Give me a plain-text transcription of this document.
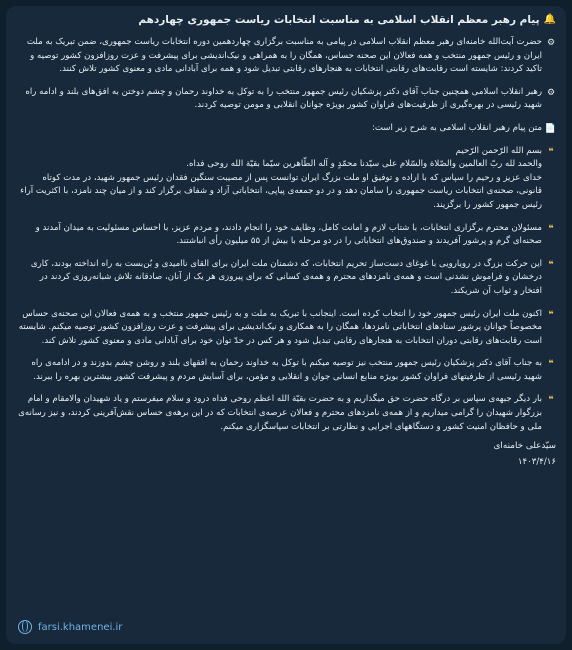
🔔
پیام رهبر معظم انقلاب اسلامی به مناسبت انتخابات ریاست جمهوری چهاردهم
⚙
حضرت آیت‌الله خامنه‌ای رهبر معظم انقلاب اسلامی در پیامی به مناسبت برگزاری چهاردهمین دوره انتخابات ریاست جمهوری، ضمن تبریک به ملت ایران و رئیس جمهور منتخب و همه فعالان این صحنه حساس، همگان را به همراهی و نیک‌اندیشی برای پیشرفت و عزت روزافزون کشور توصیه و تاکید کردند: شایسته است رقابت‌های رقابتی انتخابات به هنجارهای رقابتی تبدیل شود و همه برای آبادانی مادی و معنوی کشور تلاش کنند.
⚙
رهبر انقلاب اسلامی همچنین جناب آقای دکتر پزشکیان رئیس جمهور منتخب را به توکل به خداوند رحمان و چشم دوختن به افق‌های بلند و ادامه راه شهید رئیسی در بهره‌گیری از ظرفیت‌های فراوان کشور بویژه جوانان انقلابی و مومن توصیه کردند.
📄
متن پیام رهبر انقلاب اسلامی به شرح زیر است:
❝
بسم الله الرّحمن الرّحیم
والحمد لله ربّ العالمین والصّلاة والسّلام علی سیّدنا محمّدٍ و آله الطّاهرین سیّما بقیّة الله روحی فداه.
خدای عزیز و رحیم را سپاس که با اراده و توفیق او ملت بزرگ ایران توانست پس از مصیبت سنگین فقدان رئیس جمهور شهید، در مدت کوتاه قانونی، صحنه‌ی انتخابات ریاست جمهوری را سامان دهد و در دو جمعه‌ی پیاپی، انتخاباتی آزاد و شفاف برگزار کند و از میان چند نامزد، با اکثریت آراء رئیس جمهور کشور را برگزیند.
❝
مسئولان محترم برگزاری انتخابات، با شتاب لازم و امانت کامل، وظایف خود را انجام دادند، و مردم عزیز، با احساس مسئولیت به میدان آمدند و صحنه‌ای گرم و پرشور آفریدند و صندوق‌های انتخاباتی را در دو مرحله با بیش از ۵۵ میلیون رأی انباشتند.
❝
این حرکت بزرگ در رویارویی با غوغای دست‌ساز تحریم انتخابات، که دشمنان ملت ایران برای القای ناامیدی و بُن‌بست به راه انداخته بودند، کاری درخشان و فراموش نشدنی است و همه‌ی نامزدهای محترم و همه‌ی کسانی که برای پیروزی هر یک از آنان، صادقانه تلاش شبانه‌روزی کردند در افتخار و ثواب آن شریکند.
❝
اکنون ملت ایران رئیس جمهور خود را انتخاب کرده است. اینجانب با تبریک به ملت و به رئیس جمهور منتخب و به همه‌ی فعالان این صحنه‌ی حساس مخصوصاً جوانان پرشور ستادهای انتخاباتی نامزدها، همگان را به همکاری و نیک‌اندیشی برای پیشرفت و عزت روزافزون کشور توصیه میکنم. شایسته است رقابت‌های رقابتی دوران انتخابات به هنجارهای رقابتی تبدیل شود و هر کس در حدّ توان خود برای آبادانی مادی و معنوی کشور تلاش کند.
❝
به جناب آقای دکتر پزشکیان رئیس جمهور منتخب نیز توصیه میکنم با توکل به خداوند رحمان به افقهای بلند و روشن چشم بدوزند و در ادامه‌ی راه شهید رئیسی از ظرفیتهای فراوان کشور بویژه منابع انسانی جوان و انقلابی و مؤمن، برای آسایش مردم و پیشرفت کشور بیشترین بهره را ببرند.
❝
بار دیگر جبهه‌ی سپاس بر درگاه حضرت حق میگذاریم و به حضرت بقیّة الله اعظم روحی فداه درود و سلام میفرستم و یاد شهیدان والامقام و امام بزرگوار شهیدان را گرامی میداریم و از همه‌ی نامزدهای محترم و فعالان عرصه‌ی انتخابات که در این برهه‌ی حساس نقش‌آفرینی کردند، و نیز رسانه‌ی ملی و حافظان امنیت کشور و دستگاههای اجرایی و نظارتی بر انتخابات سپاسگزاری میکنم.
سیّدعلی خامنه‌ای
۱۴۰۳/۴/۱۶
farsi.khamenei.ir
